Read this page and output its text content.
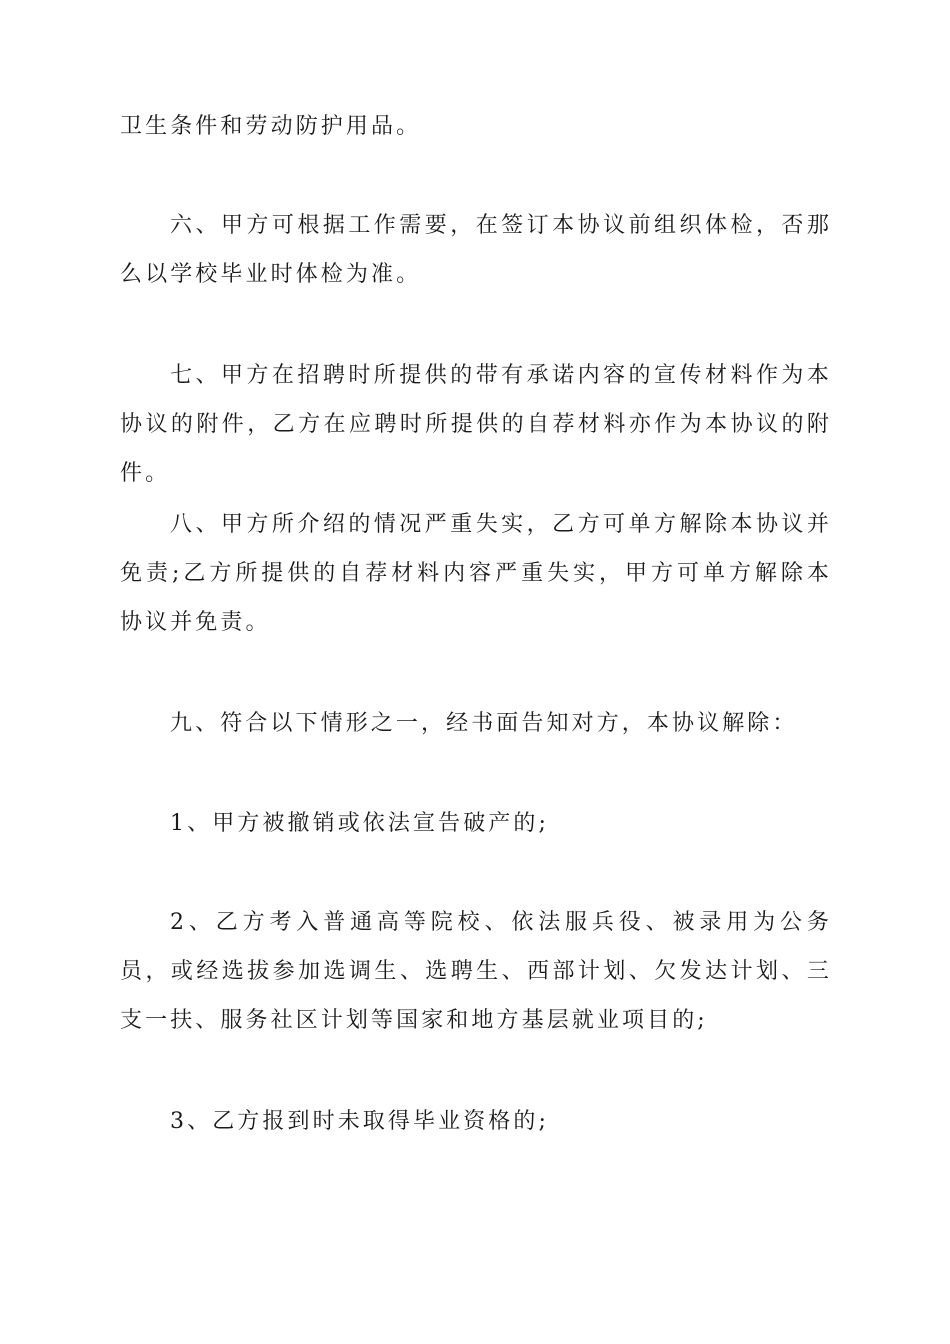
卫生条件和劳动防护用品。

六、甲方可根据工作需要，在签订本协议前组织体检，否那么以学校毕业时体检为准。

七、甲方在招聘时所提供的带有承诺内容的宣传材料作为本协议的附件，乙方在应聘时所提供的自荐材料亦作为本协议的附件。

八、甲方所介绍的情况严重失实，乙方可单方解除本协议并免责;乙方所提供的自荐材料内容严重失实，甲方可单方解除本协议并免责。

九、符合以下情形之一，经书面告知对方，本协议解除：

1、甲方被撤销或依法宣告破产的;

2、乙方考入普通高等院校、依法服兵役、被录用为公务员，或经选拔参加选调生、选聘生、西部计划、欠发达计划、三支一扶、服务社区计划等国家和地方基层就业项目的;

3、乙方报到时未取得毕业资格的;
